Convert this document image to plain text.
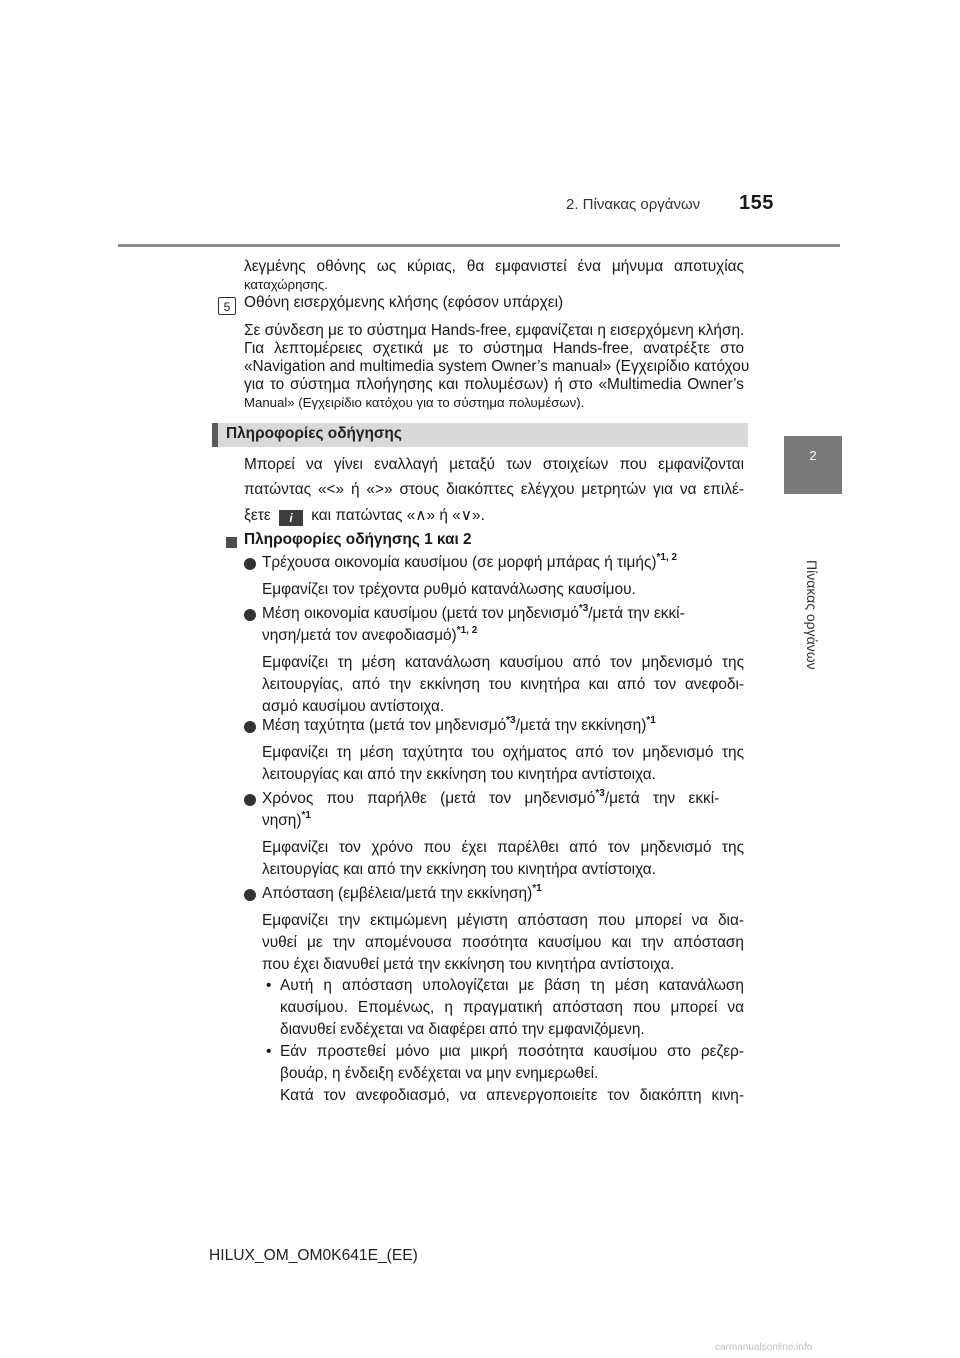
2. Πίνακας οργάνων 155
2
Πίνακας οργάνων
λεγμένης οθόνης ως κύριας, θα εμφανιστεί ένα μήνυμα αποτυχίας
καταχώρησης.
5 Οθόνη εισερχόμενης κλήσης (εφόσον υπάρχει)
Σε σύνδεση με το σύστημα Hands-free, εμφανίζεται η εισερχόμενη κλήση.
Για λεπτομέρειες σχετικά με το σύστημα Hands-free, ανατρέξτε στο
«Navigation and multimedia system Owner’s manual» (Εγχειρίδιο κατόχου
για το σύστημα πλοήγησης και πολυμέσων) ή στο «Multimedia Owner’s
Manual» (Εγχειρίδιο κατόχου για το σύστημα πολυμέσων).
Πληροφορίες οδήγησης
Μπορεί να γίνει εναλλαγή μεταξύ των στοιχείων που εμφανίζονται
πατώντας «<» ή «>» στους διακόπτες ελέγχου μετρητών για να επιλέ-
ξετε i και πατώντας «∧» ή «∨».
Πληροφορίες οδήγησης 1 και 2
Τρέχουσα οικονομία καυσίμου (σε μορφή μπάρας ή τιμής)$^{*1, 2}$
Εμφανίζει τον τρέχοντα ρυθμό κατανάλωσης καυσίμου.
Μέση οικονομία καυσίμου (μετά τον μηδενισμό$^{*3}$/μετά την εκκί-
νηση/μετά τον ανεφοδιασμό)$^{*1, 2}$
Εμφανίζει τη μέση κατανάλωση καυσίμου από τον μηδενισμό της
λειτουργίας, από την εκκίνηση του κινητήρα και από τον ανεφοδι-
ασμό καυσίμου αντίστοιχα.
Μέση ταχύτητα (μετά τον μηδενισμό$^{*3}$/μετά την εκκίνηση)$^{*1}$
Εμφανίζει τη μέση ταχύτητα του οχήματος από τον μηδενισμό της
λειτουργίας και από την εκκίνηση του κινητήρα αντίστοιχα.
Χρόνος που παρήλθε (μετά τον μηδενισμό$^{*3}$/μετά την εκκί-
νηση)$^{*1}$
Εμφανίζει τον χρόνο που έχει παρέλθει από τον μηδενισμό της
λειτουργίας και από την εκκίνηση του κινητήρα αντίστοιχα.
Απόσταση (εμβέλεια/μετά την εκκίνηση)$^{*1}$
Εμφανίζει την εκτιμώμενη μέγιστη απόσταση που μπορεί να δια-
νυθεί με την απομένουσα ποσότητα καυσίμου και την απόσταση
που έχει διανυθεί μετά την εκκίνηση του κινητήρα αντίστοιχα.
• Αυτή η απόσταση υπολογίζεται με βάση τη μέση κατανάλωση
καυσίμου. Επομένως, η πραγματική απόσταση που μπορεί να
διανυθεί ενδέχεται να διαφέρει από την εμφανιζόμενη.
• Εάν προστεθεί μόνο μια μικρή ποσότητα καυσίμου στο ρεζερ-
βουάρ, η ένδειξη ενδέχεται να μην ενημερωθεί.
Κατά τον ανεφοδιασμό, να απενεργοποιείτε τον διακόπτη κινη-
HILUX_OM_OM0K641E_(EE)
carmanualsonline.info
